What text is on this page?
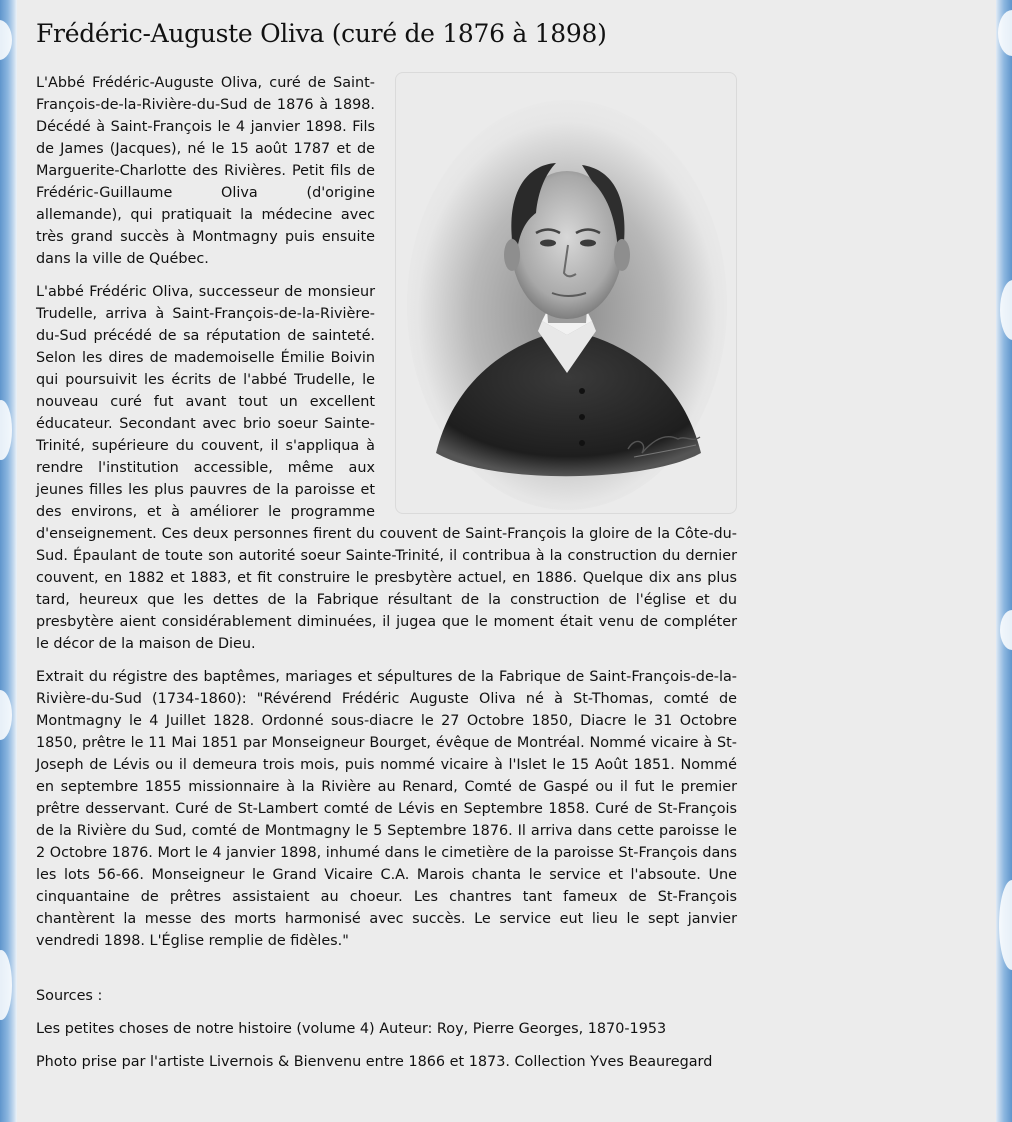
Frédéric-Auguste Oliva (curé de 1876 à 1898)

L'Abbé Frédéric-Auguste Oliva, curé de Saint-François-de-la-Rivière-du-Sud de 1876 à 1898. Décédé à Saint-François le 4 janvier 1898. Fils de James (Jacques), né le 15 août 1787 et de Marguerite-Charlotte des Rivières. Petit fils de Frédéric-Guillaume Oliva (d'origine allemande), qui pratiquait la médecine avec très grand succès à Montmagny puis ensuite dans la ville de Québec.

L'abbé Frédéric Oliva, successeur de monsieur Trudelle, arriva à Saint-François-de-la-Rivière-du-Sud précédé de sa réputation de sainteté. Selon les dires de mademoiselle Émilie Boivin qui poursuivit les écrits de l'abbé Trudelle, le nouveau curé fut avant tout un excellent éducateur. Secondant avec brio soeur Sainte-Trinité, supérieure du couvent, il s'appliqua à rendre l'institution accessible, même aux jeunes filles les plus pauvres de la paroisse et des environs, et à améliorer le programme d'enseignement. Ces deux personnes firent du couvent de Saint-François la gloire de la Côte-du-Sud. Épaulant de toute son autorité soeur Sainte-Trinité, il contribua à la construction du dernier couvent, en 1882 et 1883, et fit construire le presbytère actuel, en 1886. Quelque dix ans plus tard, heureux que les dettes de la Fabrique résultant de la construction de l'église et du presbytère aient considérablement diminuées, il jugea que le moment était venu de compléter le décor de la maison de Dieu.

Extrait du régistre des baptêmes, mariages et sépultures de la Fabrique de Saint-François-de-la-Rivière-du-Sud (1734-1860): "Révérend Frédéric Auguste Oliva né à St-Thomas, comté de Montmagny le 4 Juillet 1828. Ordonné sous-diacre le 27 Octobre 1850, Diacre le 31 Octobre 1850, prêtre le 11 Mai 1851 par Monseigneur Bourget, évêque de Montréal. Nommé vicaire à St-Joseph de Lévis ou il demeura trois mois, puis nommé vicaire à l'Islet le 15 Août 1851. Nommé en septembre 1855 missionnaire à la Rivière au Renard, Comté de Gaspé ou il fut le premier prêtre desservant. Curé de St-Lambert comté de Lévis en Septembre 1858. Curé de St-François de la Rivière du Sud, comté de Montmagny le 5 Septembre 1876. Il arriva dans cette paroisse le 2 Octobre 1876. Mort le 4 janvier 1898, inhumé dans le cimetière de la paroisse St-François dans les lots 56-66. Monseigneur le Grand Vicaire C.A. Marois chanta le service et l'absoute. Une cinquantaine de prêtres assistaient au choeur. Les chantres tant fameux de St-François chantèrent la messe des morts harmonisé avec succès. Le service eut lieu le sept janvier vendredi 1898. L'Église remplie de fidèles."

Sources :

Les petites choses de notre histoire (volume 4) Auteur: Roy, Pierre Georges, 1870-1953

Photo prise par l'artiste Livernois & Bienvenu entre 1866 et 1873. Collection Yves Beauregard
